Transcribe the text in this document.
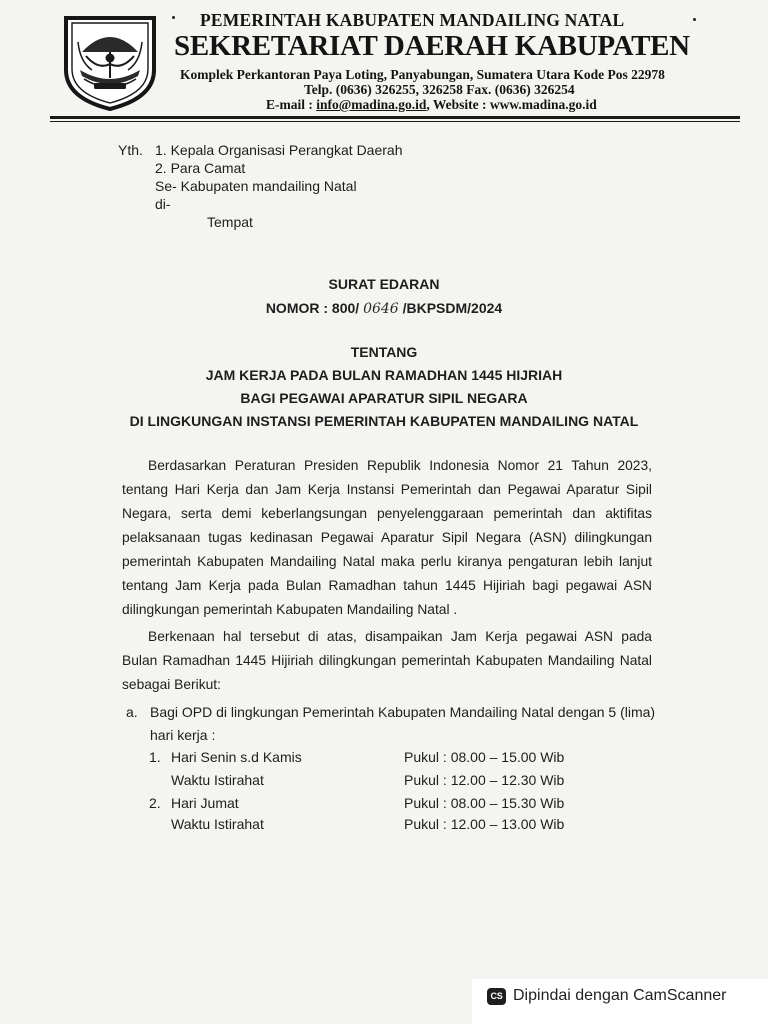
PEMERINTAH KABUPATEN MANDAILING NATAL
SEKRETARIAT DAERAH KABUPATEN
Komplek Perkantoran Paya Loting, Panyabungan, Sumatera Utara Kode Pos 22978
Telp. (0636) 326255, 326258 Fax. (0636) 326254
E-mail : info@madina.go.id, Website : www.madina.go.id
Yth. 1. Kepala Organisasi Perangkat Daerah
2. Para Camat
Se- Kabupaten mandailing Natal
di-
Tempat
SURAT EDARAN
NOMOR : 800/ 0646 /BKPSDM/2024
TENTANG
JAM KERJA PADA BULAN RAMADHAN 1445 HIJRIAH
BAGI PEGAWAI APARATUR SIPIL NEGARA
DI LINGKUNGAN INSTANSI PEMERINTAH KABUPATEN MANDAILING NATAL
Berdasarkan Peraturan Presiden Republik Indonesia Nomor 21 Tahun 2023,
tentang Hari Kerja dan Jam Kerja Instansi Pemerintah dan Pegawai Aparatur Sipil
Negara, serta demi keberlangsungan penyelenggaraan pemerintah dan aktifitas
pelaksanaan tugas kedinasan Pegawai Aparatur Sipil Negara (ASN) dilingkungan
pemerintah Kabupaten Mandailing Natal maka perlu kiranya pengaturan lebih lanjut
tentang Jam Kerja pada Bulan Ramadhan tahun 1445 Hijiriah bagi pegawai ASN
dilingkungan pemerintah Kabupaten Mandailing Natal .
Berkenaan hal tersebut di atas, disampaikan Jam Kerja pegawai ASN pada
Bulan Ramadhan 1445 Hijiriah dilingkungan pemerintah Kabupaten Mandailing Natal
sebagai Berikut:
a. Bagi OPD di lingkungan Pemerintah Kabupaten Mandailing Natal dengan 5 (lima)
hari kerja :
1. Hari Senin s.d Kamis	Pukul : 08.00 – 15.00 Wib
Waktu Istirahat	Pukul : 12.00 – 12.30 Wib
2. Hari Jumat	Pukul : 08.00 – 15.30 Wib
Waktu Istirahat	Pukul : 12.00 – 13.00 Wib
CS Dipindai dengan CamScanner
